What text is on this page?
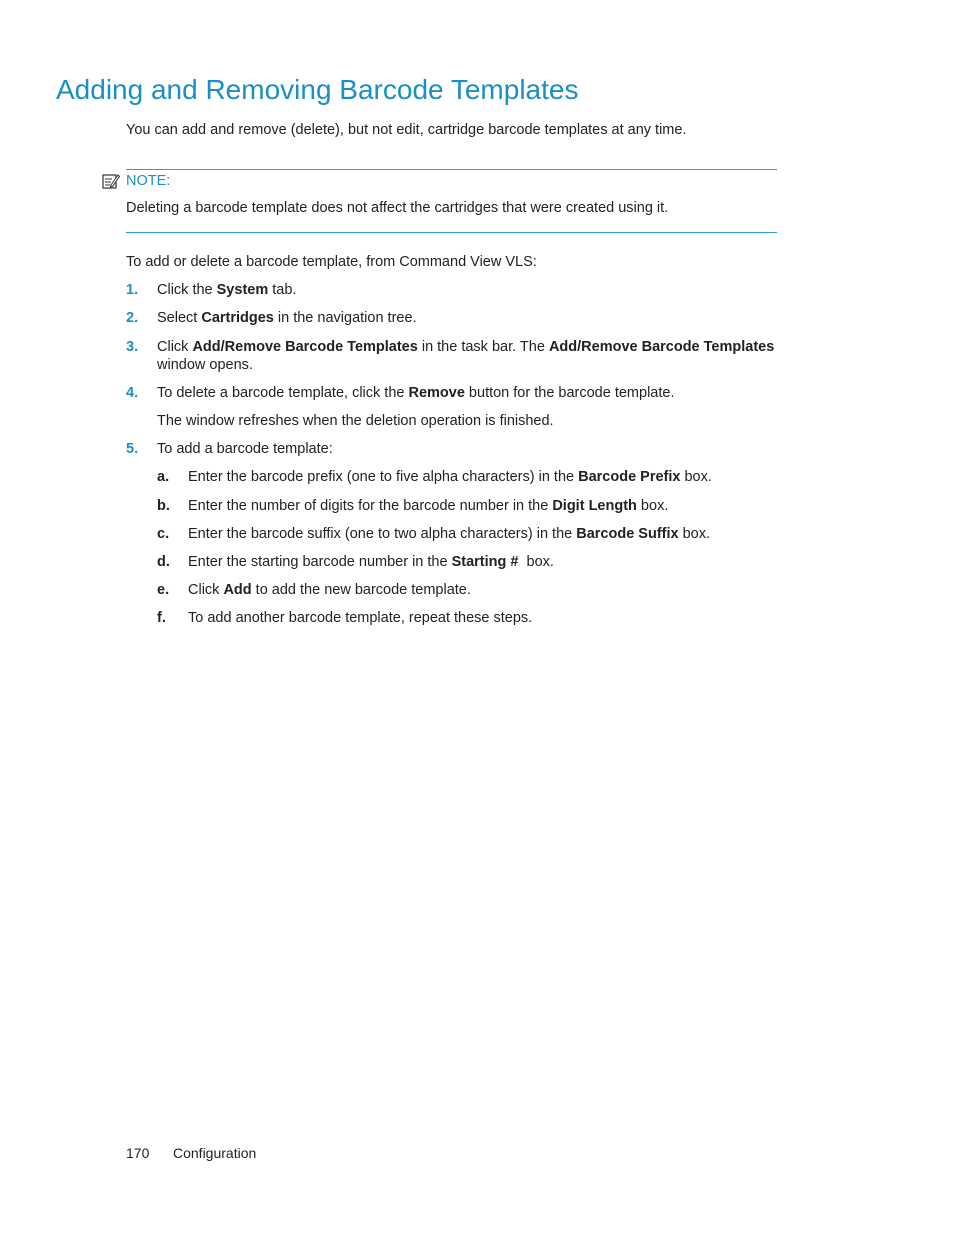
Adding and Removing Barcode Templates
You can add and remove (delete), but not edit, cartridge barcode templates at any time.
NOTE:
Deleting a barcode template does not affect the cartridges that were created using it.
To add or delete a barcode template, from Command View VLS:
1. Click the System tab.
2. Select Cartridges in the navigation tree.
3. Click Add/Remove Barcode Templates in the task bar. The Add/Remove Barcode Templates
window opens.
4. To delete a barcode template, click the Remove button for the barcode template.
The window refreshes when the deletion operation is finished.
5. To add a barcode template:
a. Enter the barcode prefix (one to five alpha characters) in the Barcode Prefix box.
b. Enter the number of digits for the barcode number in the Digit Length box.
c. Enter the barcode suffix (one to two alpha characters) in the Barcode Suffix box.
d. Enter the starting barcode number in the Starting #  box.
e. Click Add to add the new barcode template.
f. To add another barcode template, repeat these steps.
170 Configuration
